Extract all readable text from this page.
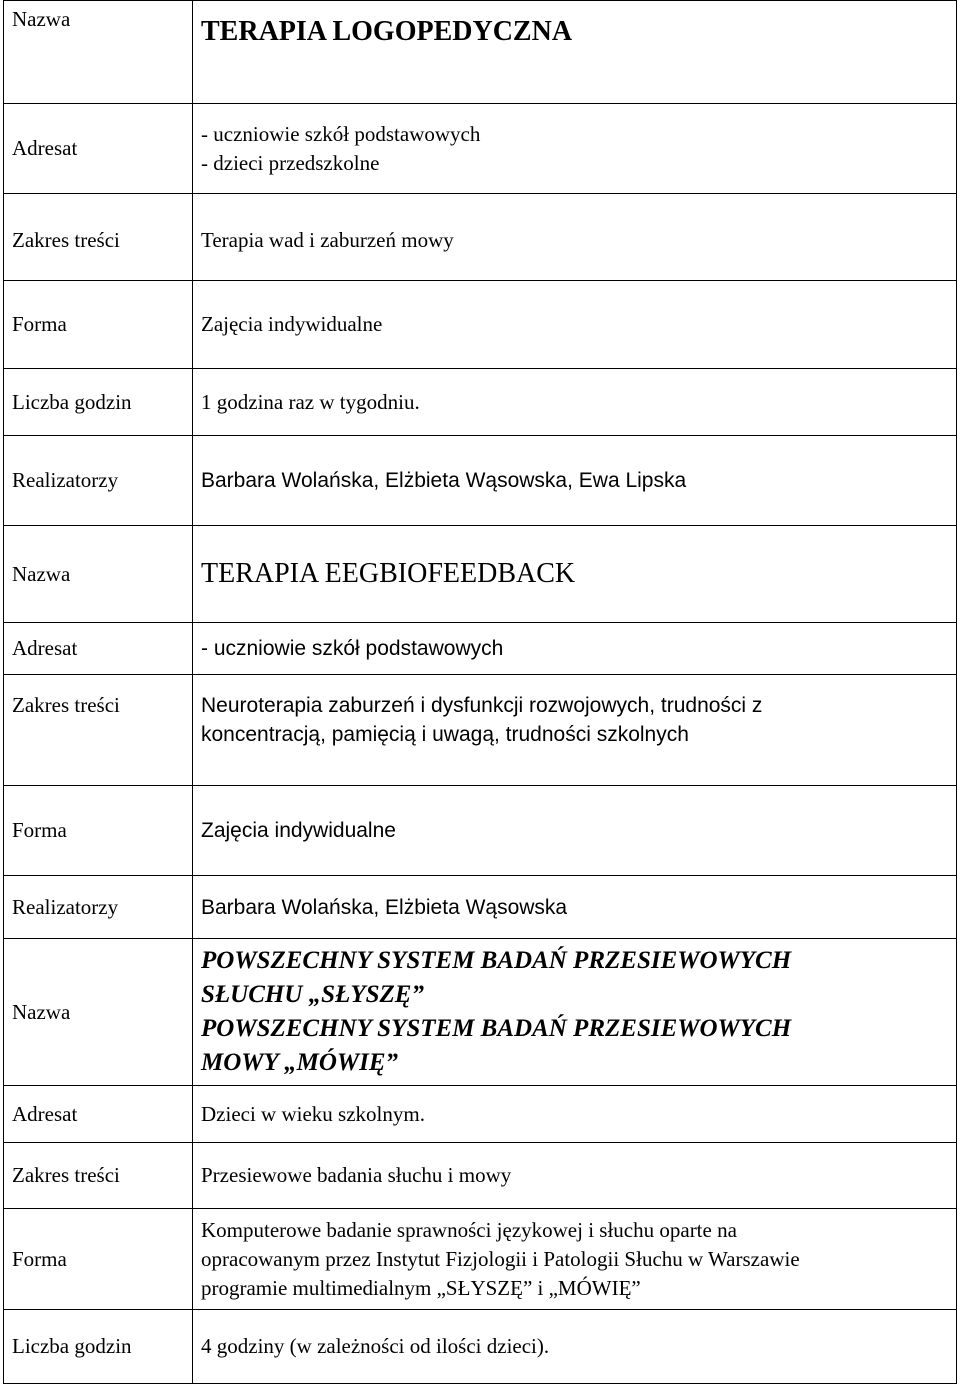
Nazwa	TERAPIA LOGOPEDYCZNA

Adresat	- uczniowie szkół podstawowych
- dzieci przedszkolne

Zakres treści	Terapia wad i zaburzeń mowy
Forma	Zajęcia indywidualne
Liczba godzin	1 godzina raz w tygodniu.
Realizatorzy	Barbara Wolańska, Elżbieta Wąsowska, Ewa Lipska
Nazwa	TERAPIA EEGBIOFEEDBACK
Adresat	- uczniowie szkół podstawowych
Zakres treści	Neuroterapia zaburzeń i dysfunkcji rozwojowych, trudności z
koncentracją, pamięcią i uwagą, trudności szkolnych

Forma	Zajęcia indywidualne
Realizatorzy	Barbara Wolańska, Elżbieta Wąsowska
Nazwa	POWSZECHNY SYSTEM BADAŃ PRZESIEWOWYCH
SŁUCHU „SŁYSZĘ”
POWSZECHNY SYSTEM BADAŃ PRZESIEWOWYCH
MOWY „MÓWIĘ”

Adresat	Dzieci w wieku szkolnym.
Zakres treści	Przesiewowe badania słuchu i mowy
Forma	Komputerowe badanie sprawności językowej i słuchu oparte na
opracowanym przez Instytut Fizjologii i Patologii Słuchu w Warszawie
programie multimedialnym „SŁYSZĘ” i „MÓWIĘ”

Liczba godzin	4 godziny (w zależności od ilości dzieci).
